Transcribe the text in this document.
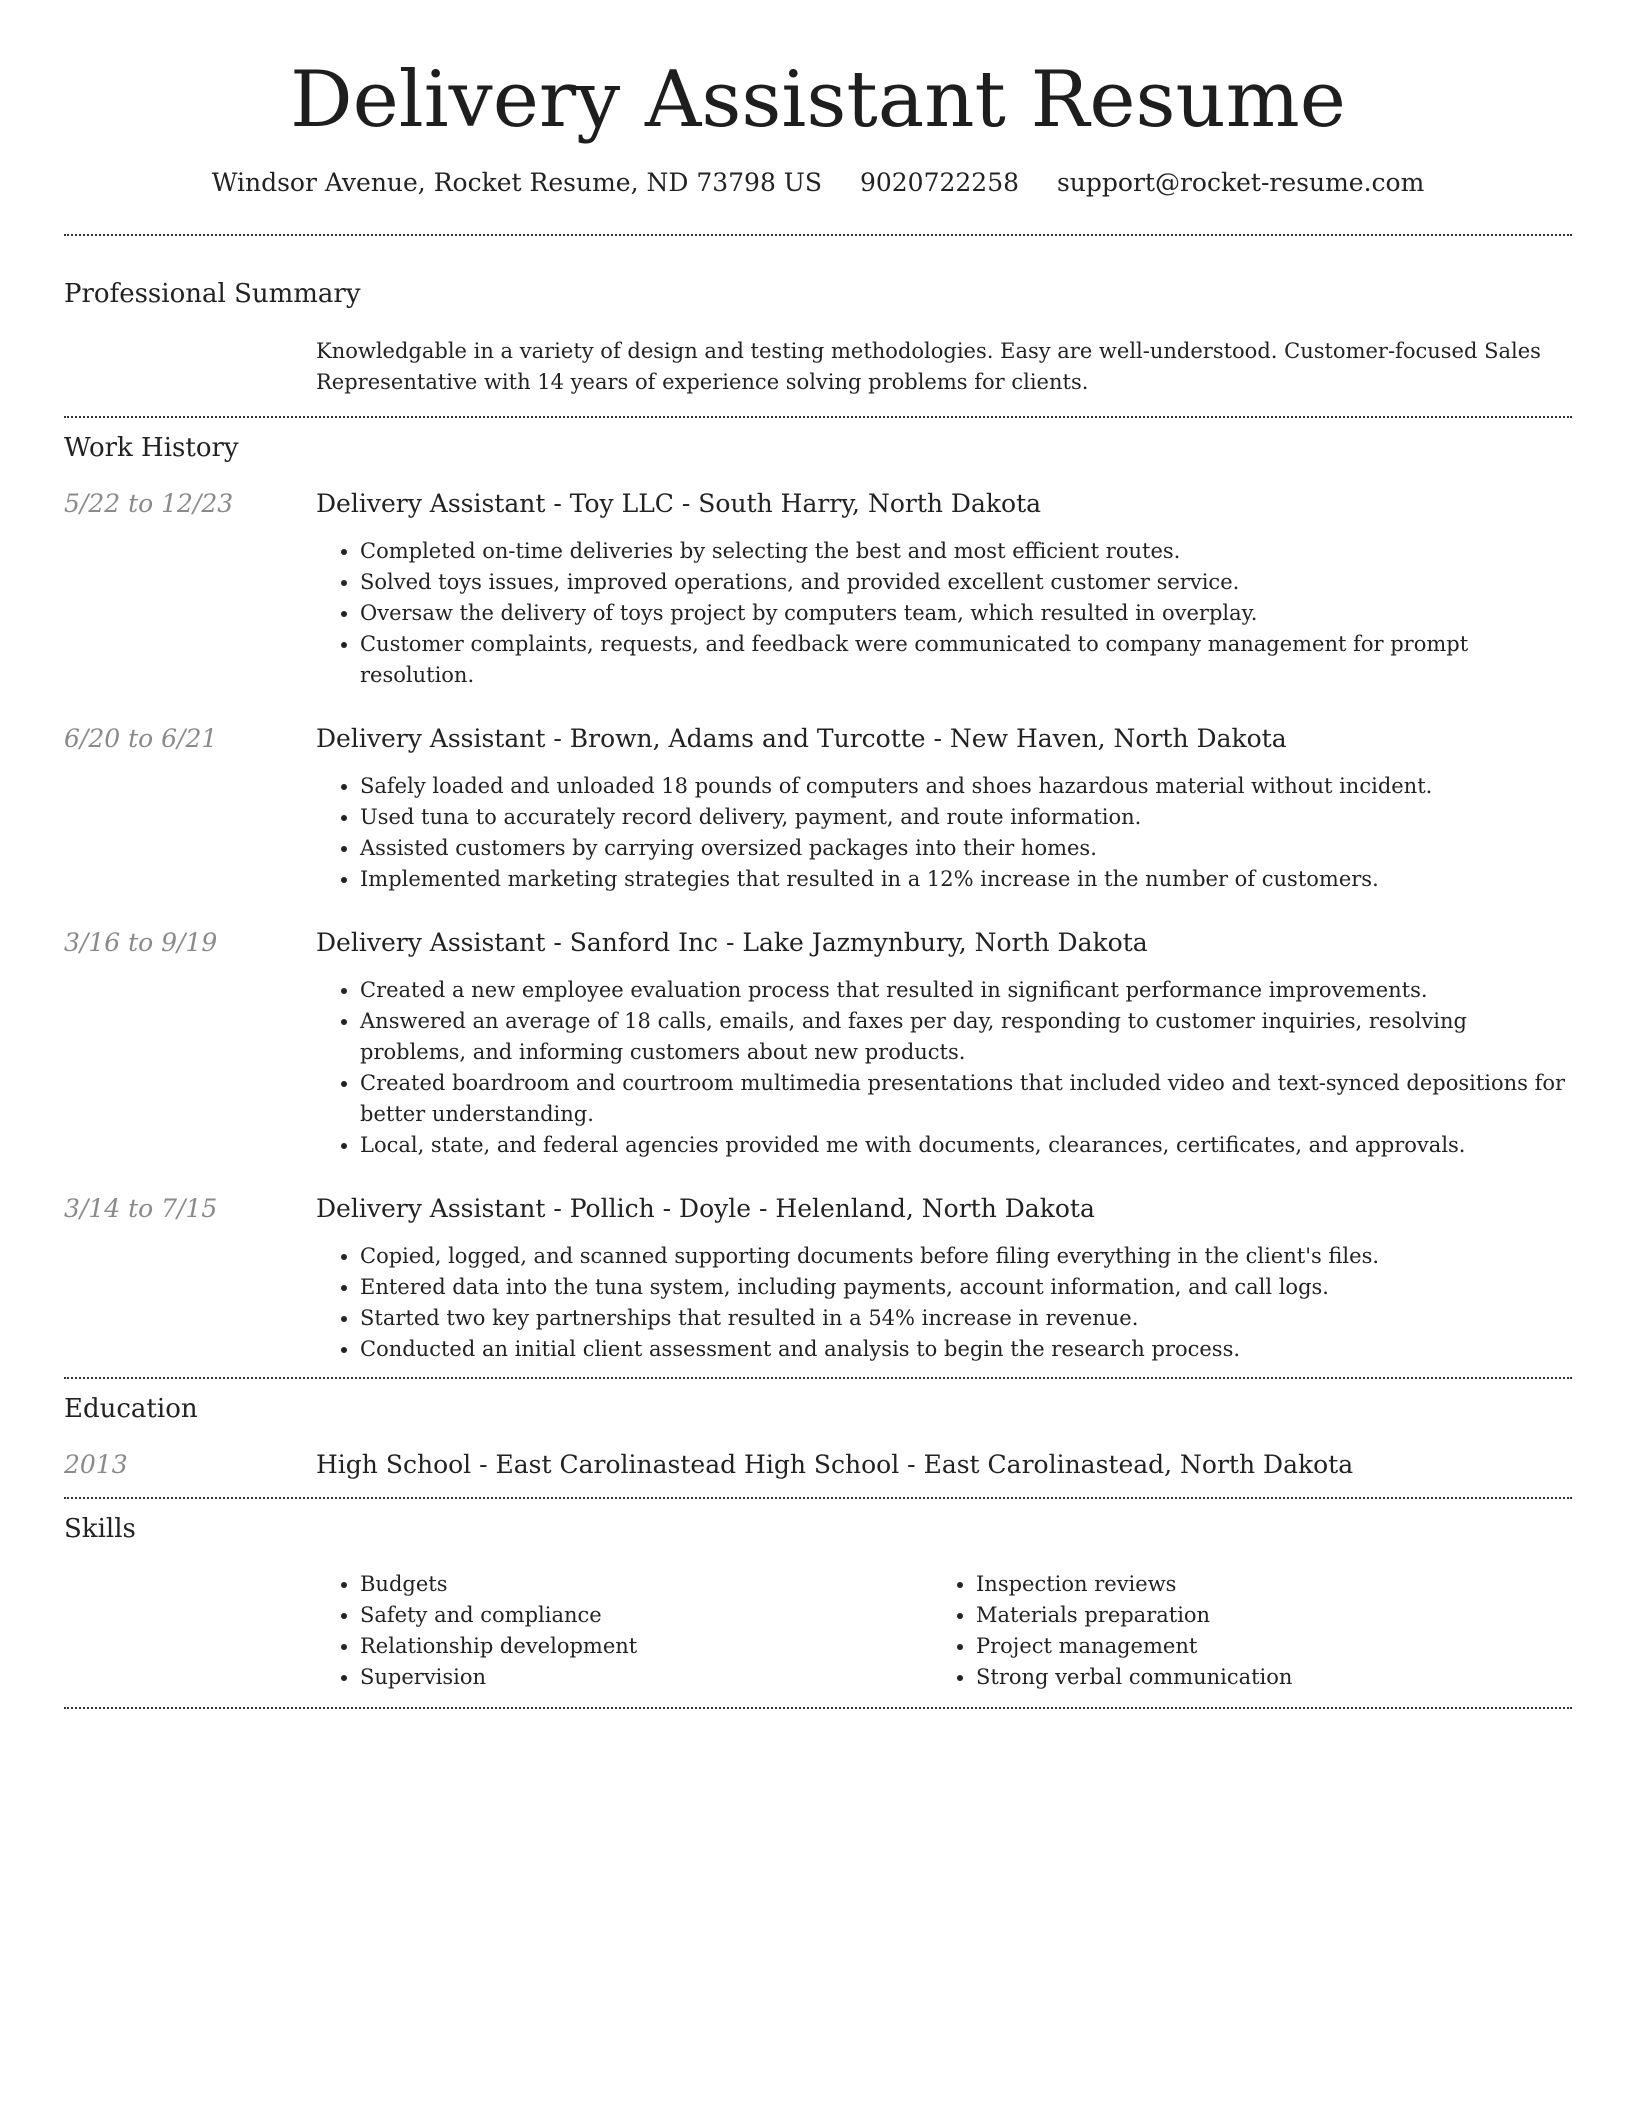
Delivery Assistant Resume
Windsor Avenue, Rocket Resume, ND 73798 US 9020722258 support@rocket-resume.com
Professional Summary

Knowledgable in a variety of design and testing methodologies. Easy are well-understood. Customer-focused Sales Representative with 14 years of experience solving problems for clients.

Work History
5/22 to 12/23	Delivery Assistant - Toy LLC - South Harry, North Dakota
• Completed on-time deliveries by selecting the best and most efficient routes.
• Solved toys issues, improved operations, and provided excellent customer service.
• Oversaw the delivery of toys project by computers team, which resulted in overplay.
• Customer complaints, requests, and feedback were communicated to company management for prompt resolution.
6/20 to 6/21	Delivery Assistant - Brown, Adams and Turcotte - New Haven, North Dakota
• Safely loaded and unloaded 18 pounds of computers and shoes hazardous material without incident.
• Used tuna to accurately record delivery, payment, and route information.
• Assisted customers by carrying oversized packages into their homes.
• Implemented marketing strategies that resulted in a 12% increase in the number of customers.
3/16 to 9/19	Delivery Assistant - Sanford Inc - Lake Jazmynbury, North Dakota
• Created a new employee evaluation process that resulted in significant performance improvements.
• Answered an average of 18 calls, emails, and faxes per day, responding to customer inquiries, resolving problems, and informing customers about new products.
• Created boardroom and courtroom multimedia presentations that included video and text-synced depositions for better understanding.
• Local, state, and federal agencies provided me with documents, clearances, certificates, and approvals.
3/14 to 7/15	Delivery Assistant - Pollich - Doyle - Helenland, North Dakota
• Copied, logged, and scanned supporting documents before filing everything in the client's files.
• Entered data into the tuna system, including payments, account information, and call logs.
• Started two key partnerships that resulted in a 54% increase in revenue.
• Conducted an initial client assessment and analysis to begin the research process.
Education
2013	High School - East Carolinastead High School - East Carolinastead, North Dakota
Skills
• Budgets
• Safety and compliance
• Relationship development
• Supervision
• Inspection reviews
• Materials preparation
• Project management
• Strong verbal communication
